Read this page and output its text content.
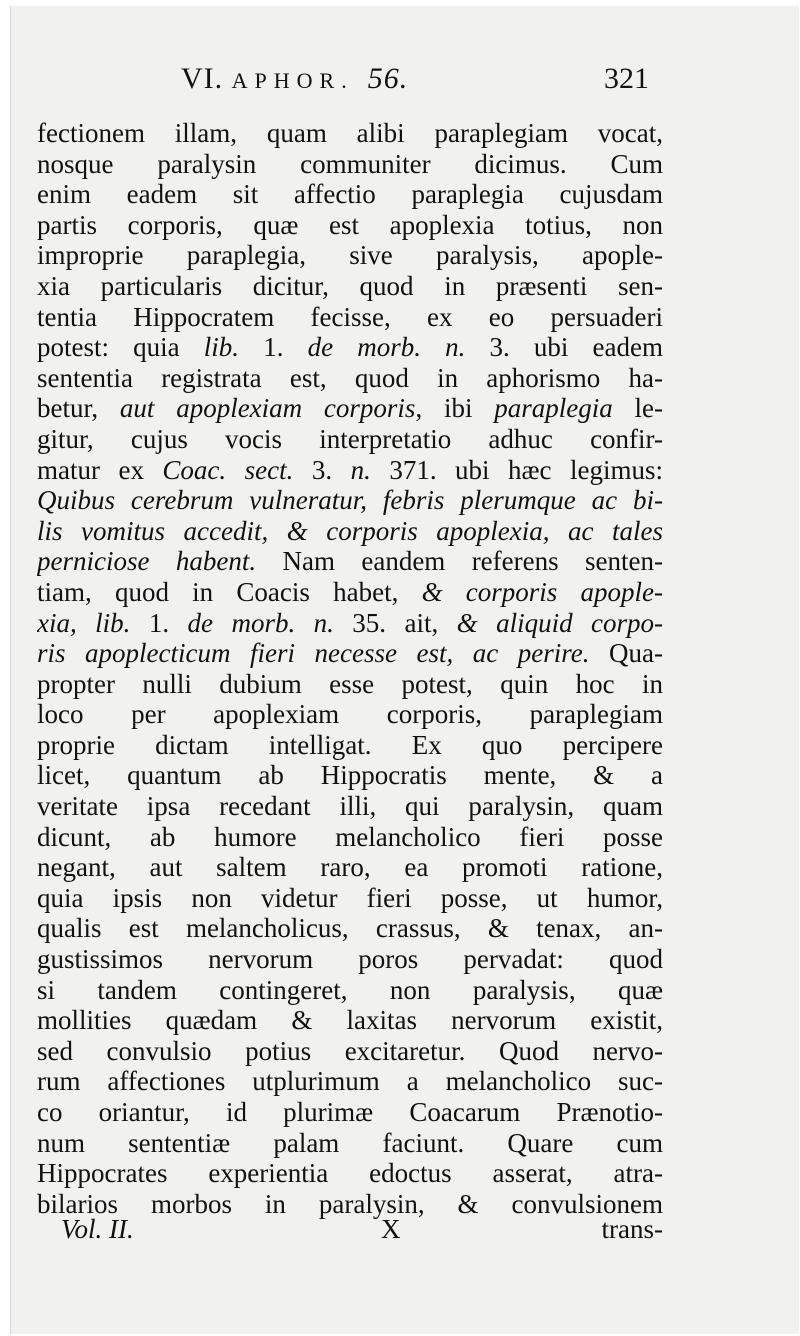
VI. APHOR. 56.	321
fectionem illam, quam alibi paraplegiam vocat,
nosque paralysin communiter dicimus. Cum
enim eadem sit affectio paraplegia cujusdam
partis corporis, quæ est apoplexia totius, non
improprie paraplegia, sive paralysis, apople-
xia particularis dicitur, quod in præsenti sen-
tentia Hippocratem fecisse, ex eo persuaderi
potest: quia lib. 1. de morb. n. 3. ubi eadem
sententia registrata est, quod in aphorismo ha-
betur, aut apoplexiam corporis, ibi paraplegia le-
gitur, cujus vocis interpretatio adhuc confir-
matur ex Coac. sect. 3. n. 371. ubi hæc legimus:
Quibus cerebrum vulneratur, febris plerumque ac bi-
lis vomitus accedit, & corporis apoplexia, ac tales
perniciose habent. Nam eandem referens senten-
tiam, quod in Coacis habet, & corporis apople-
xia, lib. 1. de morb. n. 35. ait, & aliquid corpo-
ris apoplecticum fieri necesse est, ac perire. Qua-
propter nulli dubium esse potest, quin hoc in
loco per apoplexiam corporis, paraplegiam
proprie dictam intelligat. Ex quo percipere
licet, quantum ab Hippocratis mente, & a
veritate ipsa recedant illi, qui paralysin, quam
dicunt, ab humore melancholico fieri posse
negant, aut saltem raro, ea promoti ratione,
quia ipsis non videtur fieri posse, ut humor,
qualis est melancholicus, crassus, & tenax, an-
gustissimos nervorum poros pervadat: quod
si tandem contingeret, non paralysis, quæ
mollities quædam & laxitas nervorum existit,
sed convulsio potius excitaretur. Quod nervo-
rum affectiones utplurimum a melancholico suc-
co oriantur, id plurimæ Coacarum Prænotio-
num sententiæ palam faciunt. Quare cum
Hippocrates experientia edoctus asserat, atra-
bilarios morbos in paralysin, & convulsionem
Vol. II.	X	trans-
